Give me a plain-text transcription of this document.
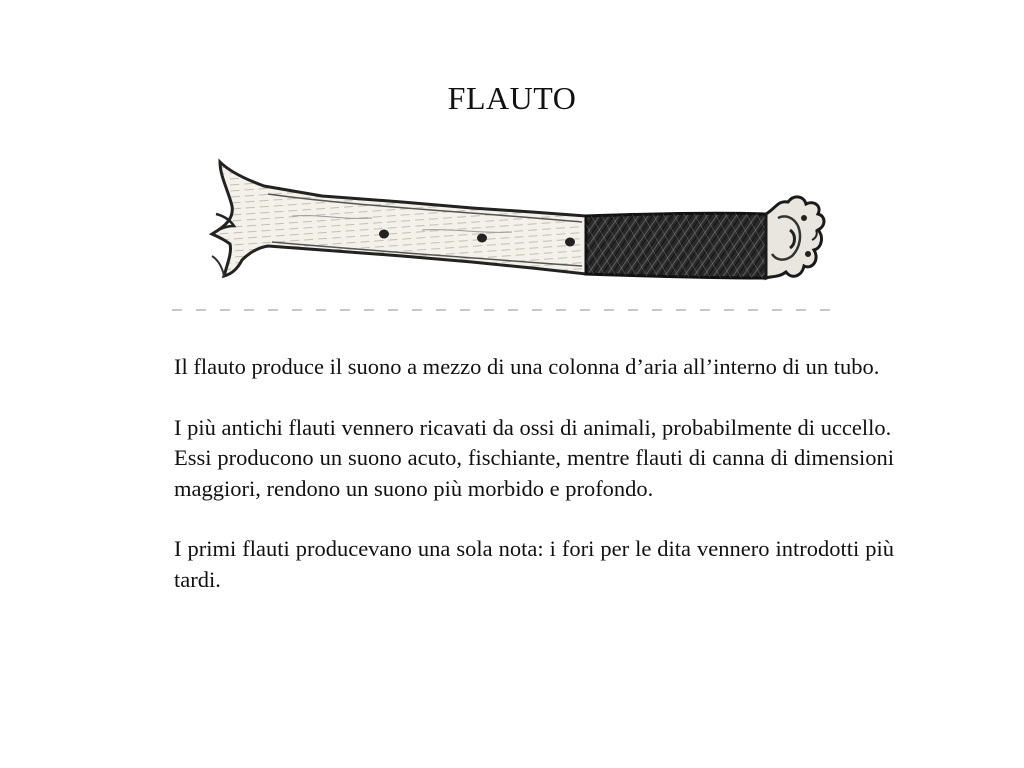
FLAUTO

Il flauto produce il suono a mezzo di una colonna d’aria all’interno di un tubo.

I più antichi flauti vennero ricavati da ossi di animali, probabilmente di uccello.

Essi producono un suono acuto, fischiante, mentre flauti di canna di dimensioni maggiori, rendono un suono più morbido e profondo.

I primi flauti producevano una sola nota: i fori per le dita vennero introdotti più tardi.
